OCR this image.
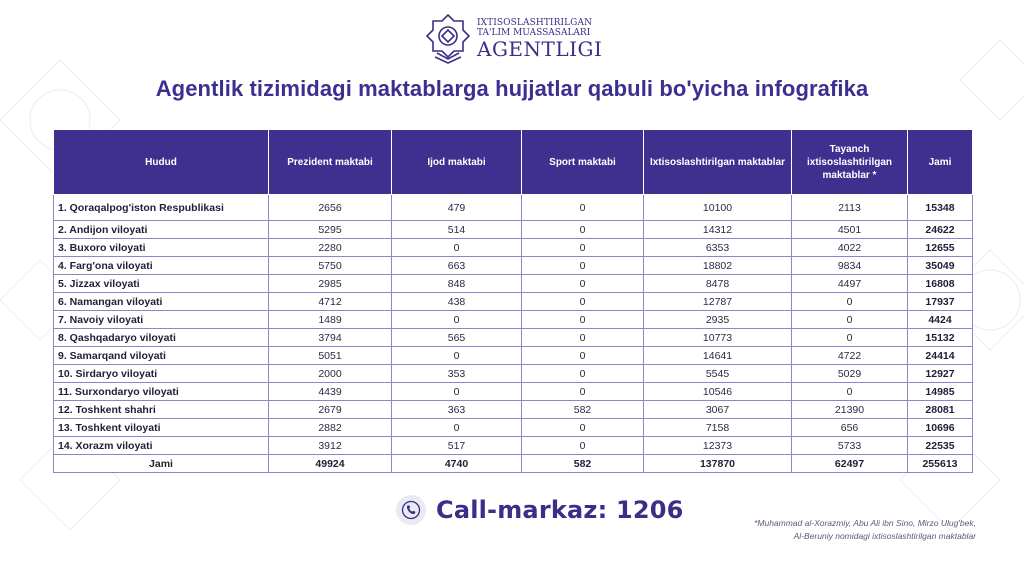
IXTISOSLASHTIRILGAN
TA'LIM MUASSASALARI
AGENTLIGI
Agentlik tizimidagi maktablarga hujjatlar qabuli bo'yicha infografika
Hudud	Prezident maktabi	Ijod maktabi	Sport maktabi	Ixtisoslashtirilgan maktablar	Tayanch ixtisoslashtirilgan maktablar *	Jami
1. Qoraqalpog'iston Respublikasi	2656	479	0	10100	2113	15348
2. Andijon viloyati	5295	514	0	14312	4501	24622
3. Buxoro viloyati	2280	0	0	6353	4022	12655
4. Farg'ona viloyati	5750	663	0	18802	9834	35049
5. Jizzax viloyati	2985	848	0	8478	4497	16808
6. Namangan viloyati	4712	438	0	12787	0	17937
7. Navoiy viloyati	1489	0	0	2935	0	4424
8. Qashqadaryo viloyati	3794	565	0	10773	0	15132
9. Samarqand viloyati	5051	0	0	14641	4722	24414
10. Sirdaryo viloyati	2000	353	0	5545	5029	12927
11. Surxondaryo viloyati	4439	0	0	10546	0	14985
12. Toshkent shahri	2679	363	582	3067	21390	28081
13. Toshkent viloyati	2882	0	0	7158	656	10696
14. Xorazm viloyati	3912	517	0	12373	5733	22535
Jami	49924	4740	582	137870	62497	255613
Call-markaz: 1206	*Muhammad al-Xorazmiy, Abu Ali ibn Sino, Mirzo Ulug'bek,
Al-Beruniy nomidagi ixtisoslashtirilgan maktablar
